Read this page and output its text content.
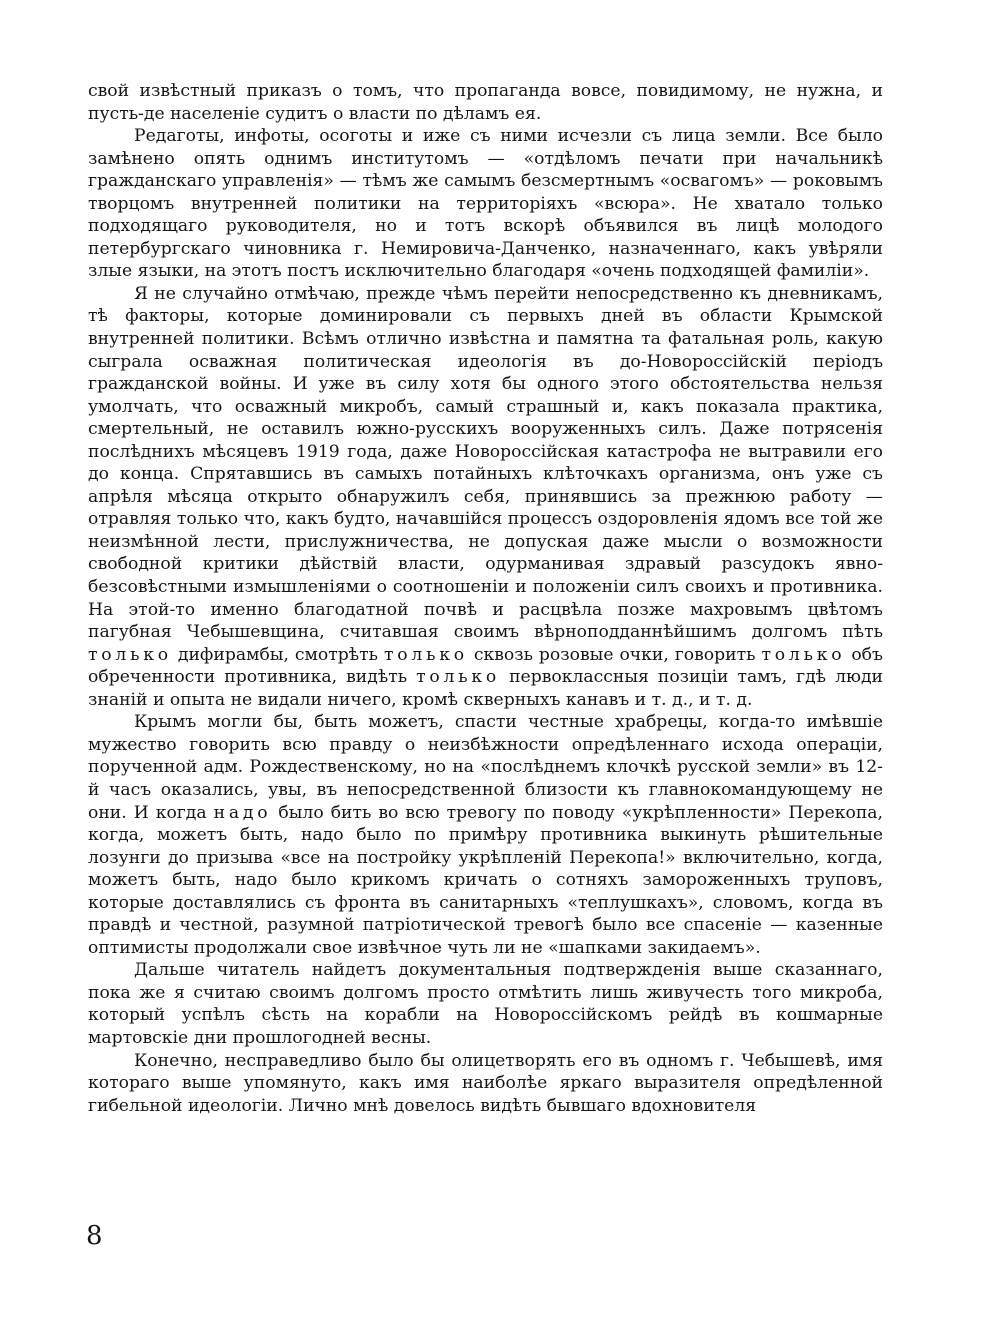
свой извѣстный приказъ о томъ, что пропаганда вовсе, повидимому, не нужна, и пусть-де населеніе судитъ о власти по дѣламъ ея.

Редаготы, инфоты, осоготы и иже съ ними исчезли съ лица земли. Все было замѣнено опять однимъ институтомъ — «отдѣломъ печати при начальникѣ гражданскаго управленія» — тѣмъ же самымъ безсмертнымъ «освагомъ» — роковымъ творцомъ внутренней политики на территоріяхъ «всюра». Не хватало только подходящаго руководителя, но и тотъ вскорѣ объявился въ лицѣ молодого петербургскаго чиновника г. Немировича-Данченко, назначеннаго, какъ увѣряли злые языки, на этотъ постъ исключительно благодаря «очень подходящей фамиліи».

Я не случайно отмѣчаю, прежде чѣмъ перейти непосредственно къ дневникамъ, тѣ факторы, которые доминировали съ первыхъ дней въ области Крымской внутренней политики. Всѣмъ отлично извѣстна и памятна та фатальная роль, какую сыграла осважная политическая идеологія въ до-Новороссійскій періодъ гражданской войны. И уже въ силу хотя бы одного этого обстоятельства нельзя умолчать, что осважный микробъ, самый страшный и, какъ показала практика, смертельный, не оставилъ южно-русскихъ вооруженныхъ силъ. Даже потрясенія послѣднихъ мѣсяцевъ 1919 года, даже Новороссійская катастрофа не вытравили его до конца. Спрятавшись въ самыхъ потайныхъ клѣточкахъ организма, онъ уже съ апрѣля мѣсяца открыто обнаружилъ себя, принявшись за прежнюю работу — отравляя только что, какъ будто, начавшійся процессъ оздоровленія ядомъ все той же неизмѣнной лести, прислужничества, не допуская даже мысли о возможности свободной критики дѣйствій власти, одурманивая здравый разсудокъ явно-безсовѣстными измышленіями о соотношеніи и положеніи силъ своихъ и противника. На этой-то именно благодатной почвѣ и расцвѣла позже махровымъ цвѣтомъ пагубная Чебышевщина, считавшая своимъ вѣрноподданнѣйшимъ долгомъ пѣть только дифирамбы, смотрѣть только сквозь розовые очки, говорить только объ обреченности противника, видѣть только первоклассныя позиціи тамъ, гдѣ люди знаній и опыта не видали ничего, кромѣ скверныхъ канавъ и т. д., и т. д.

Крымъ могли бы, быть можетъ, спасти честные храбрецы, когда-то имѣвшіе мужество говорить всю правду о неизбѣжности опредѣленнаго исхода операціи, порученной адм. Рождественскому, но на «послѣднемъ клочкѣ русской земли» въ 12-й часъ оказались, увы, въ непосредственной близости къ главнокомандующему не они. И когда надо было бить во всю тревогу по поводу «укрѣпленности» Перекопа, когда, можетъ быть, надо было по примѣру противника выкинуть рѣшительные лозунги до призыва «все на постройку укрѣпленій Перекопа!» включительно, когда, можетъ быть, надо было крикомъ кричать о сотняхъ замороженныхъ труповъ, которые доставлялись съ фронта въ санитарныхъ «теплушкахъ», словомъ, когда въ правдѣ и честной, разумной патріотической тревогѣ было все спасеніе — казенные оптимисты продолжали свое извѣчное чуть ли не «шапками закидаемъ».

Дальше читатель найдетъ документальныя подтвержденія выше сказаннаго, пока же я считаю своимъ долгомъ просто отмѣтить лишь живучесть того микроба, который успѣлъ сѣсть на корабли на Новороссійскомъ рейдѣ въ кошмарные мартовскіе дни прошлогодней весны.

Конечно, несправедливо было бы олицетворять его въ одномъ г. Чебышевѣ, имя котораго выше упомянуто, какъ имя наиболѣе яркаго выразителя опредѣленной гибельной идеологіи. Лично мнѣ довелось видѣть бывшаго вдохновителя

8
